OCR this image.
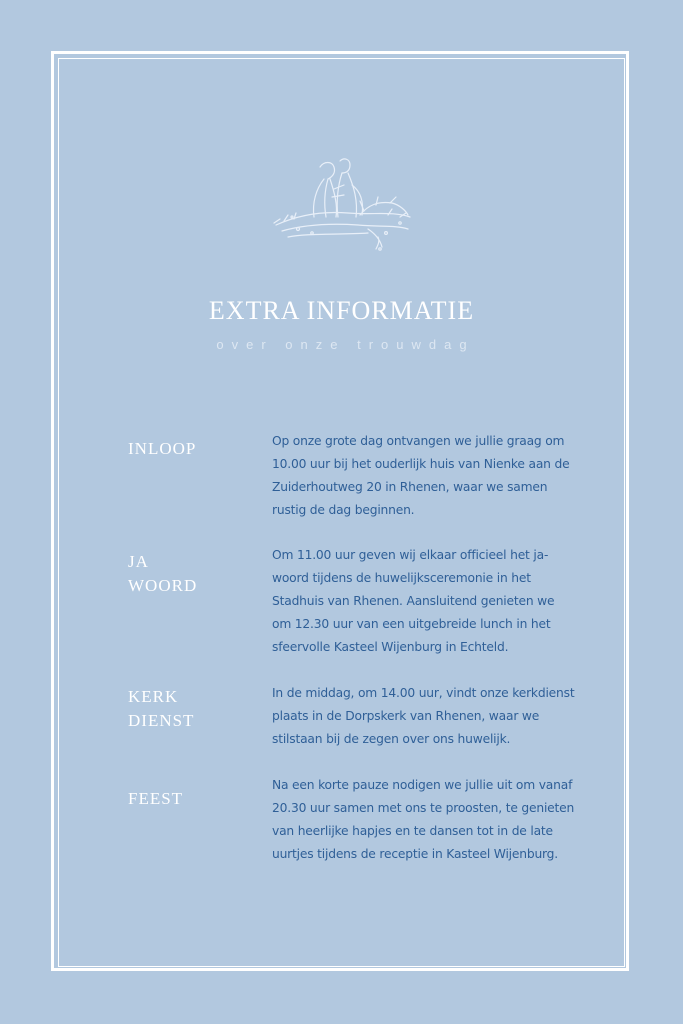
EXTRA INFORMATIE
over onze trouwdag
INLOOP	Op onze grote dag ontvangen we jullie graag om 10.00 uur bij het ouderlijk huis van Nienke aan de Zuiderhoutweg 20 in Rhenen, waar we samen rustig de dag beginnen.
JA
WOORD
Om 11.00 uur geven wij elkaar officieel het ja-woord tijdens de huwelijksceremonie in het Stadhuis van Rhenen. Aansluitend genieten we om 12.30 uur van een uitgebreide lunch in het sfeervolle Kasteel Wijenburg in Echteld.
KERK
DIENST
In de middag, om 14.00 uur, vindt onze kerkdienst plaats in de Dorpskerk van Rhenen, waar we stilstaan bij de zegen over ons huwelijk.
FEEST
Na een korte pauze nodigen we jullie uit om vanaf 20.30 uur samen met ons te proosten, te genieten van heerlijke hapjes en te dansen tot in de late uurtjes tijdens de receptie in Kasteel Wijenburg.
